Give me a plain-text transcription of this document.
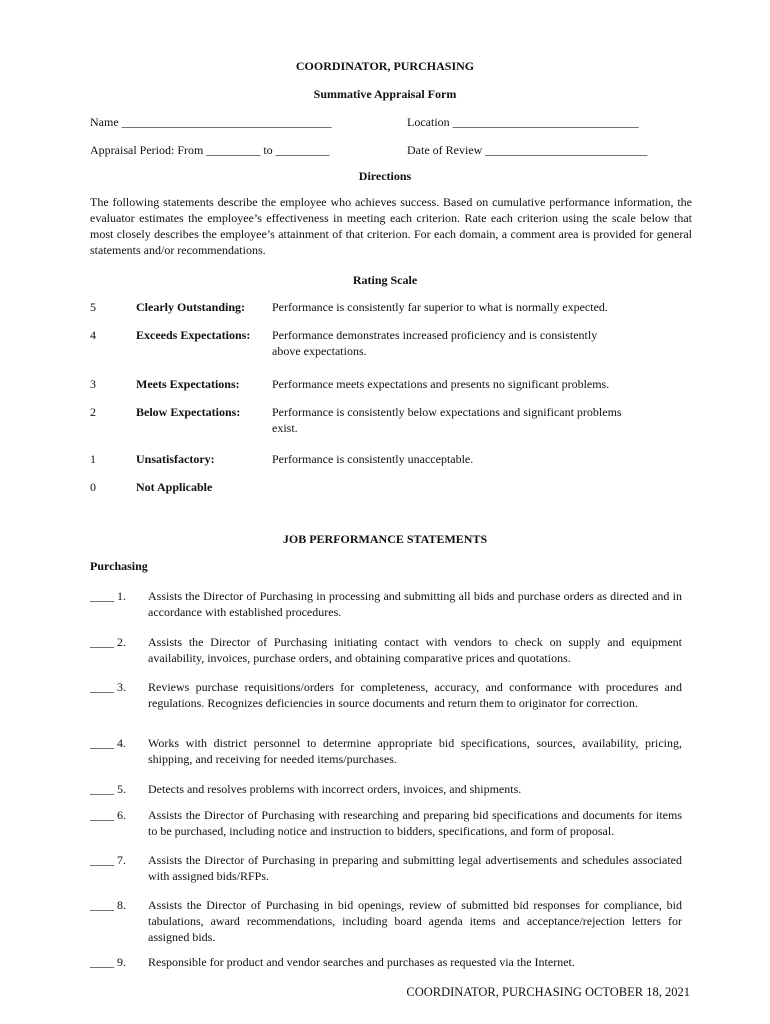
COORDINATOR, PURCHASING
Summative Appraisal Form
Name ___________________________________	Location _______________________________
Appraisal Period: From _________ to _________	Date of Review ___________________________
Directions
The following statements describe the employee who achieves success. Based on cumulative performance information, the evaluator estimates the employee’s effectiveness in meeting each criterion. Rate each criterion using the scale below that most closely describes the employee’s attainment of that criterion. For each domain, a comment area is provided for general statements and/or recommendations.
Rating Scale
5	Clearly Outstanding:	Performance is consistently far superior to what is normally expected.
4	Exceeds Expectations:	Performance demonstrates increased proficiency and is consistently above expectations.
3	Meets Expectations:	Performance meets expectations and presents no significant problems.
2	Below Expectations:	Performance is consistently below expectations and significant problems exist.
1	Unsatisfactory:	Performance is consistently unacceptable.
0	Not Applicable
JOB PERFORMANCE STATEMENTS
Purchasing
____ 1.	Assists the Director of Purchasing in processing and submitting all bids and purchase orders as directed and in accordance with established procedures.
____ 2.	Assists the Director of Purchasing initiating contact with vendors to check on supply and equipment availability, invoices, purchase orders, and obtaining comparative prices and quotations.
____ 3.	Reviews purchase requisitions/orders for completeness, accuracy, and conformance with procedures and regulations. Recognizes deficiencies in source documents and return them to originator for correction.
____ 4.	Works with district personnel to determine appropriate bid specifications, sources, availability, pricing, shipping, and receiving for needed items/purchases.
____ 5.	Detects and resolves problems with incorrect orders, invoices, and shipments.
____ 6.	Assists the Director of Purchasing with researching and preparing bid specifications and documents for items to be purchased, including notice and instruction to bidders, specifications, and form of proposal.
____ 7.	Assists the Director of Purchasing in preparing and submitting legal advertisements and schedules associated with assigned bids/RFPs.
____ 8.	Assists the Director of Purchasing in bid openings, review of submitted bid responses for compliance, bid tabulations, award recommendations, including board agenda items and acceptance/rejection letters for assigned bids.
____ 9.	Responsible for product and vendor searches and purchases as requested via the Internet.
COORDINATOR, PURCHASING OCTOBER 18, 2021
